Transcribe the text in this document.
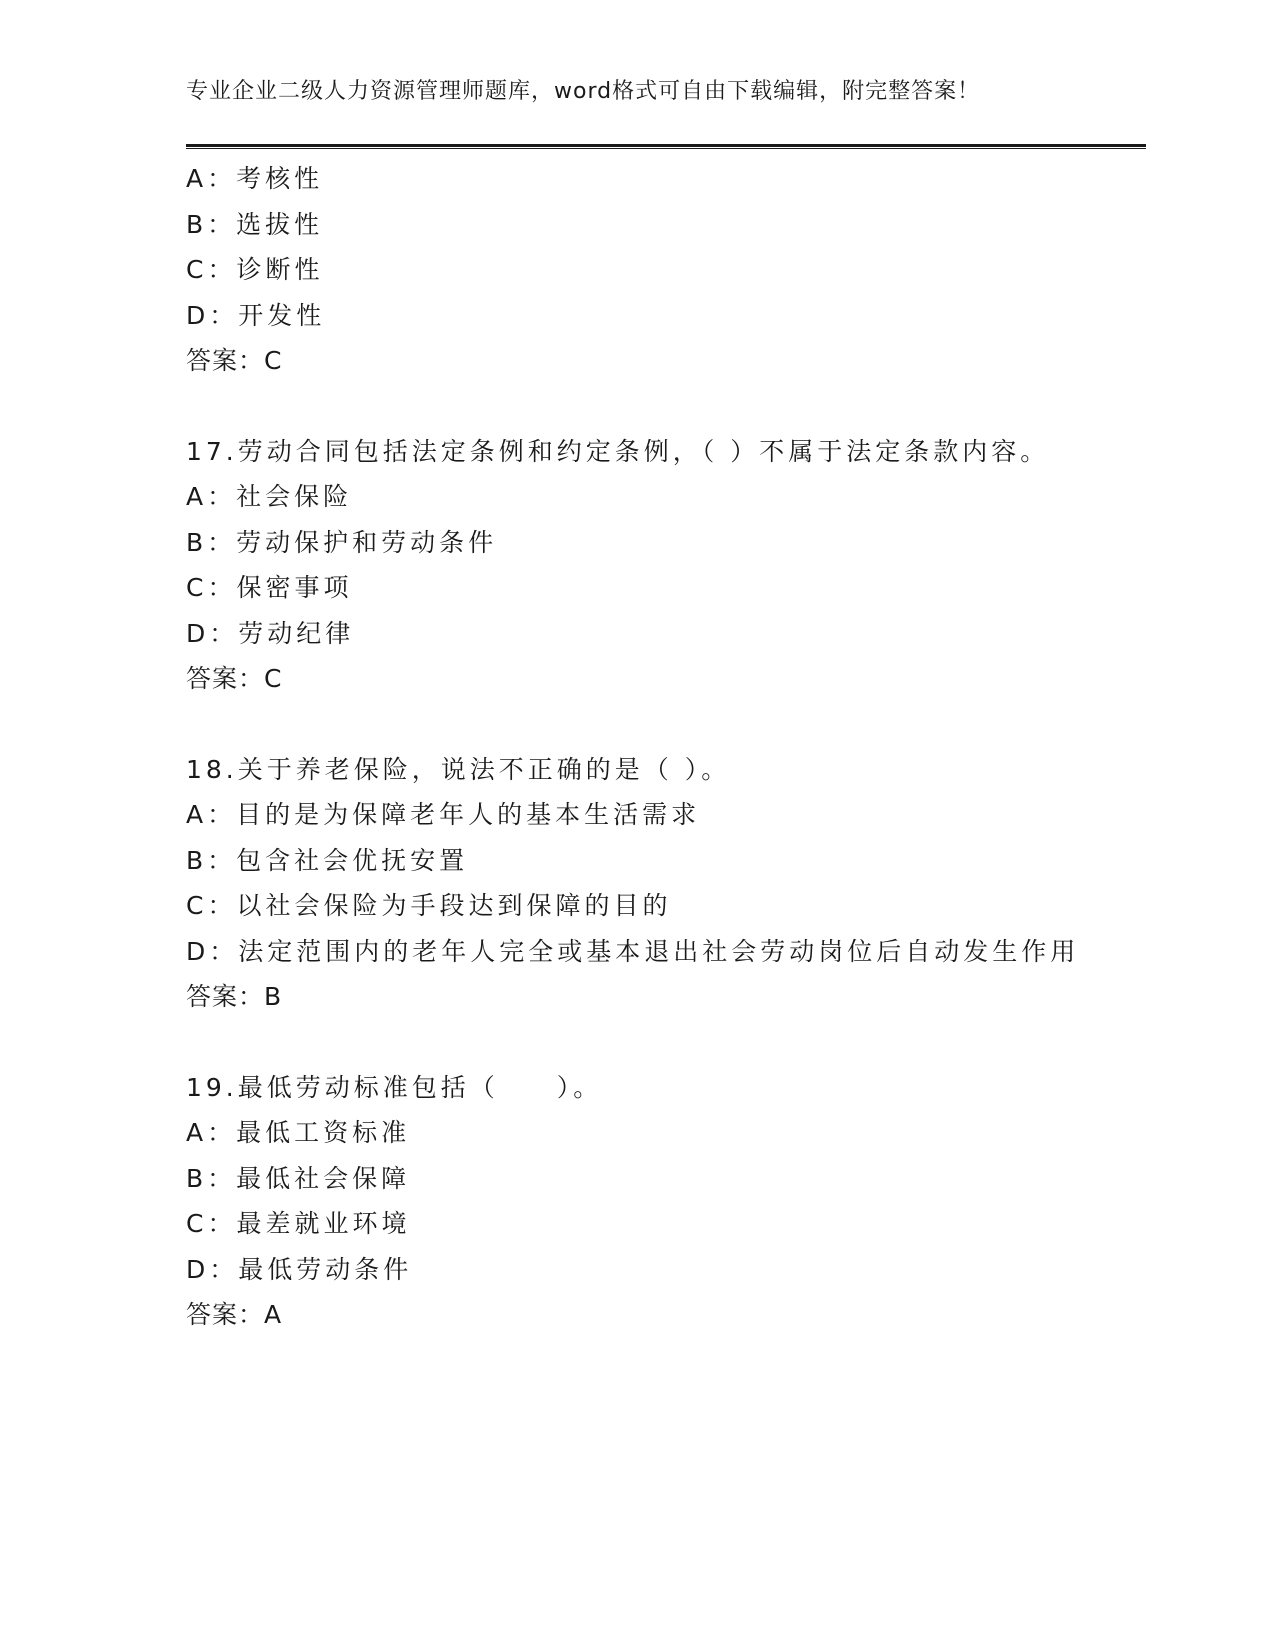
专业企业二级人力资源管理师题库，word格式可自由下载编辑，附完整答案！
A：考核性
B：选拔性
C：诊断性
D：开发性
答案：C
17.劳动合同包括法定条例和约定条例，（ ）不属于法定条款内容。
A：社会保险
B：劳动保护和劳动条件
C：保密事项
D：劳动纪律
答案：C
18.关于养老保险，说法不正确的是（ ）。
A：目的是为保障老年人的基本生活需求
B：包含社会优抚安置
C：以社会保险为手段达到保障的目的
D：法定范围内的老年人完全或基本退出社会劳动岗位后自动发生作用
答案：B
19.最低劳动标准包括（　　）。
A：最低工资标准
B：最低社会保障
C：最差就业环境
D：最低劳动条件
答案：A
